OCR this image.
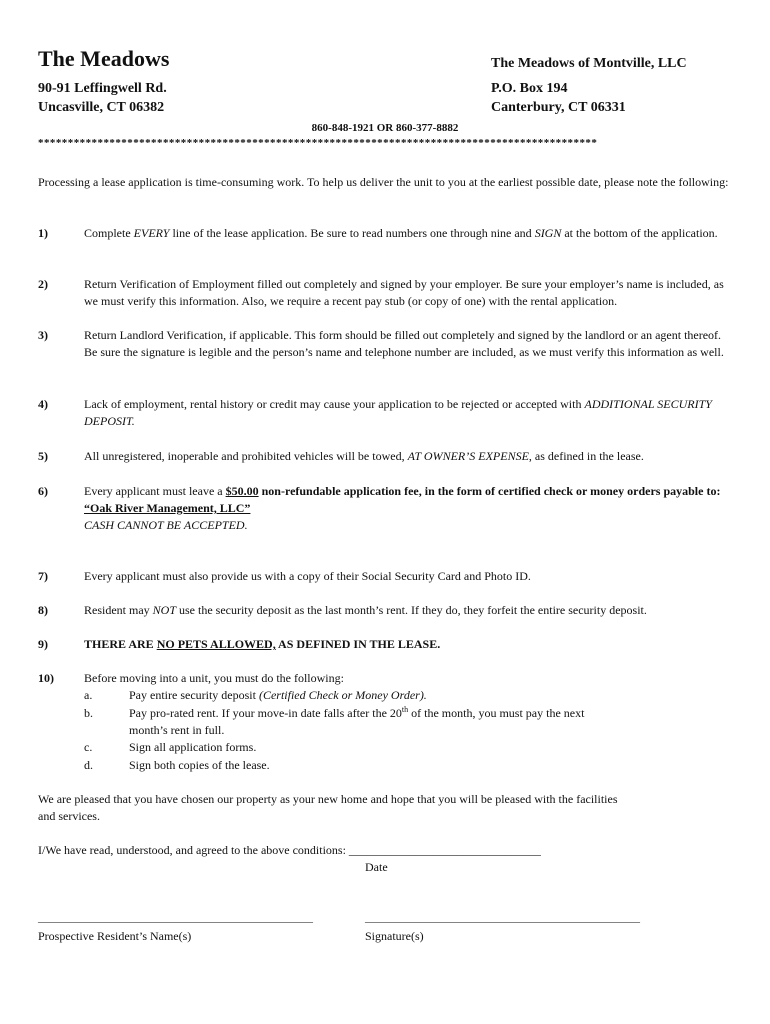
The Meadows
90-91 Leffingwell Rd.
Uncasville, CT 06382
The Meadows of Montville, LLC
P.O. Box 194
Canterbury, CT 06331
860-848-1921 OR 860-377-8882
**********************************************************************************************
Processing a lease application is time-consuming work. To help us deliver the unit to you at the earliest possible date, please note the following:
1)	Complete EVERY line of the lease application. Be sure to read numbers one through nine and SIGN at the bottom of the application.
2)	Return Verification of Employment filled out completely and signed by your employer. Be sure your employer’s name is included, as we must verify this information. Also, we require a recent pay stub (or copy of one) with the rental application.
3)	Return Landlord Verification, if applicable. This form should be filled out completely and signed by the landlord or an agent thereof. Be sure the signature is legible and the person’s name and telephone number are included, as we must verify this information as well.
4)	Lack of employment, rental history or credit may cause your application to be rejected or accepted with ADDITIONAL SECURITY DEPOSIT.
5)	All unregistered, inoperable and prohibited vehicles will be towed, AT OWNER’S EXPENSE, as defined in the lease.
6)	Every applicant must leave a $50.00 non-refundable application fee, in the form of certified check or money orders payable to:
“Oak River Management, LLC”
CASH CANNOT BE ACCEPTED.
7)	Every applicant must also provide us with a copy of their Social Security Card and Photo ID.
8)	Resident may NOT use the security deposit as the last month’s rent. If they do, they forfeit the entire security deposit.
9)	THERE ARE NO PETS ALLOWED, AS DEFINED IN THE LEASE.
10)	Before moving into a unit, you must do the following:
a.	Pay entire security deposit (Certified Check or Money Order).
b.	Pay pro-rated rent. If your move-in date falls after the 20th of the month, you must pay the next month’s rent in full.
c.	Sign all application forms.
d.	Sign both copies of the lease.
We are pleased that you have chosen our property as your new home and hope that you will be pleased with the facilities and services.
I/We have read, understood, and agreed to the above conditions: ________________________________
Date
__________________________________________________	__________________________________________________
Prospective Resident’s Name(s)	Signature(s)
